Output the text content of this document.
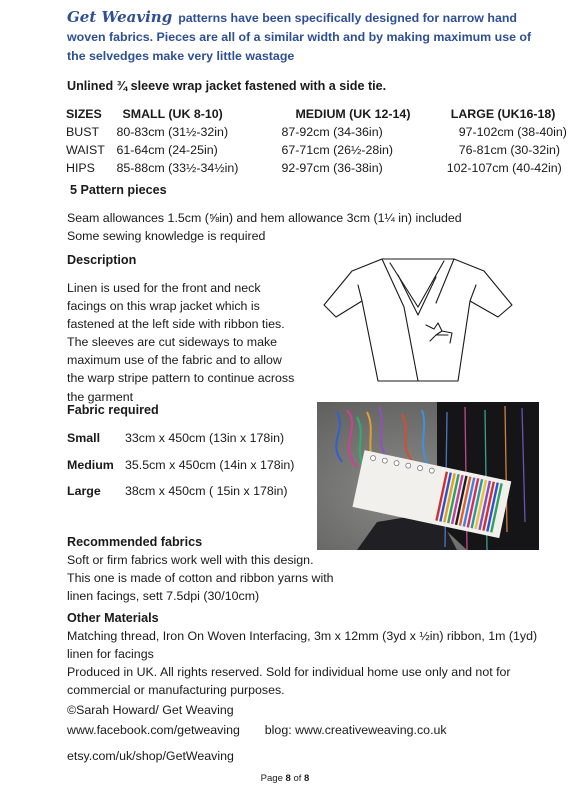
Get Weaving patterns have been specifically designed for narrow hand woven fabrics. Pieces are all of a similar width and by making maximum use of the selvedges make very little wastage
Unlined ¾ sleeve wrap jacket fastened with a side tie.
SIZES	SMALL (UK 8-10)	MEDIUM (UK 12-14)	LARGE (UK16-18)
BUST	80-83cm (31½-32in)	87-92cm (34-36in)	97-102cm (38-40in)
WAIST	61-64cm (24-25in)	67-71cm (26½-28in)	76-81cm (30-32in)
HIPS	85-88cm (33½-34½in)	92-97cm (36-38in)	102-107cm (40-42in)
5 Pattern pieces
Seam allowances 1.5cm (⅝in) and hem allowance 3cm (1¼ in) included
Some sewing knowledge is required
Description
Linen is used for the front and neck facings on this wrap jacket which is fastened at the left side with ribbon ties. The sleeves are cut sideways to make maximum use of the fabric and to allow the warp stripe pattern to continue across the garment
Fabric required
Small 33cm x 450cm (13in x 178in)
Medium 35.5cm x 450cm (14in x 178in)
Large 38cm x 450cm ( 15in x 178in)
Recommended fabrics
Soft or firm fabrics work well with this design. This one is made of cotton and ribbon yarns with linen facings, sett 7.5dpi (30/10cm)
Other Materials
Matching thread, Iron On Woven Interfacing, 3m x 12mm (3yd x ½in) ribbon, 1m (1yd) linen for facings
Produced in UK. All rights reserved. Sold for individual home use only and not for commercial or manufacturing purposes.
©Sarah Howard/ Get Weaving
www.facebook.com/getweaving blog: www.creativeweaving.co.uk
etsy.com/uk/shop/GetWeaving
Page 8 of 8
